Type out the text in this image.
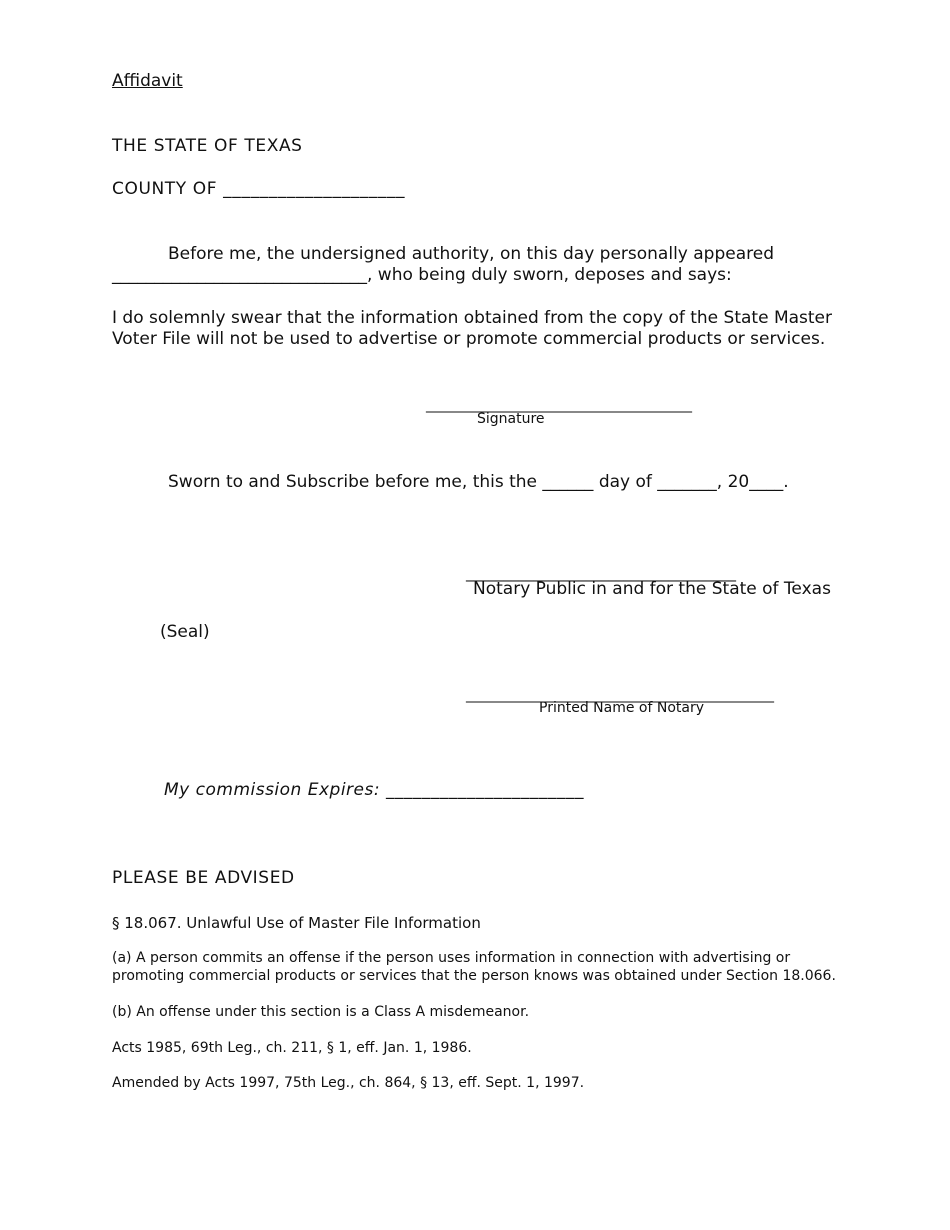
Affidavit
THE STATE OF TEXAS
COUNTY OF ____________________
Before me, the undersigned authority, on this day personally appeared
______________________________, who being duly sworn, deposes and says:
I do solemnly swear that the information obtained from the copy of the State Master
Voter File will not be used to advertise or promote commercial products or services.
______________________________________
Signature
Sworn to and Subscribe before me, this the ______ day of _______, 20____.
____________________________________
Notary Public in and for the State of Texas
(Seal)
____________________________________________
Printed Name of Notary
My commission Expires: ______________________
PLEASE BE ADVISED
§ 18.067. Unlawful Use of Master File Information
(a) A person commits an offense if the person uses information in connection with advertising or
promoting commercial products or services that the person knows was obtained under Section 18.066.
(b) An offense under this section is a Class A misdemeanor.
Acts 1985, 69th Leg., ch. 211, § 1, eff. Jan. 1, 1986.
Amended by Acts 1997, 75th Leg., ch. 864, § 13, eff. Sept. 1, 1997.
